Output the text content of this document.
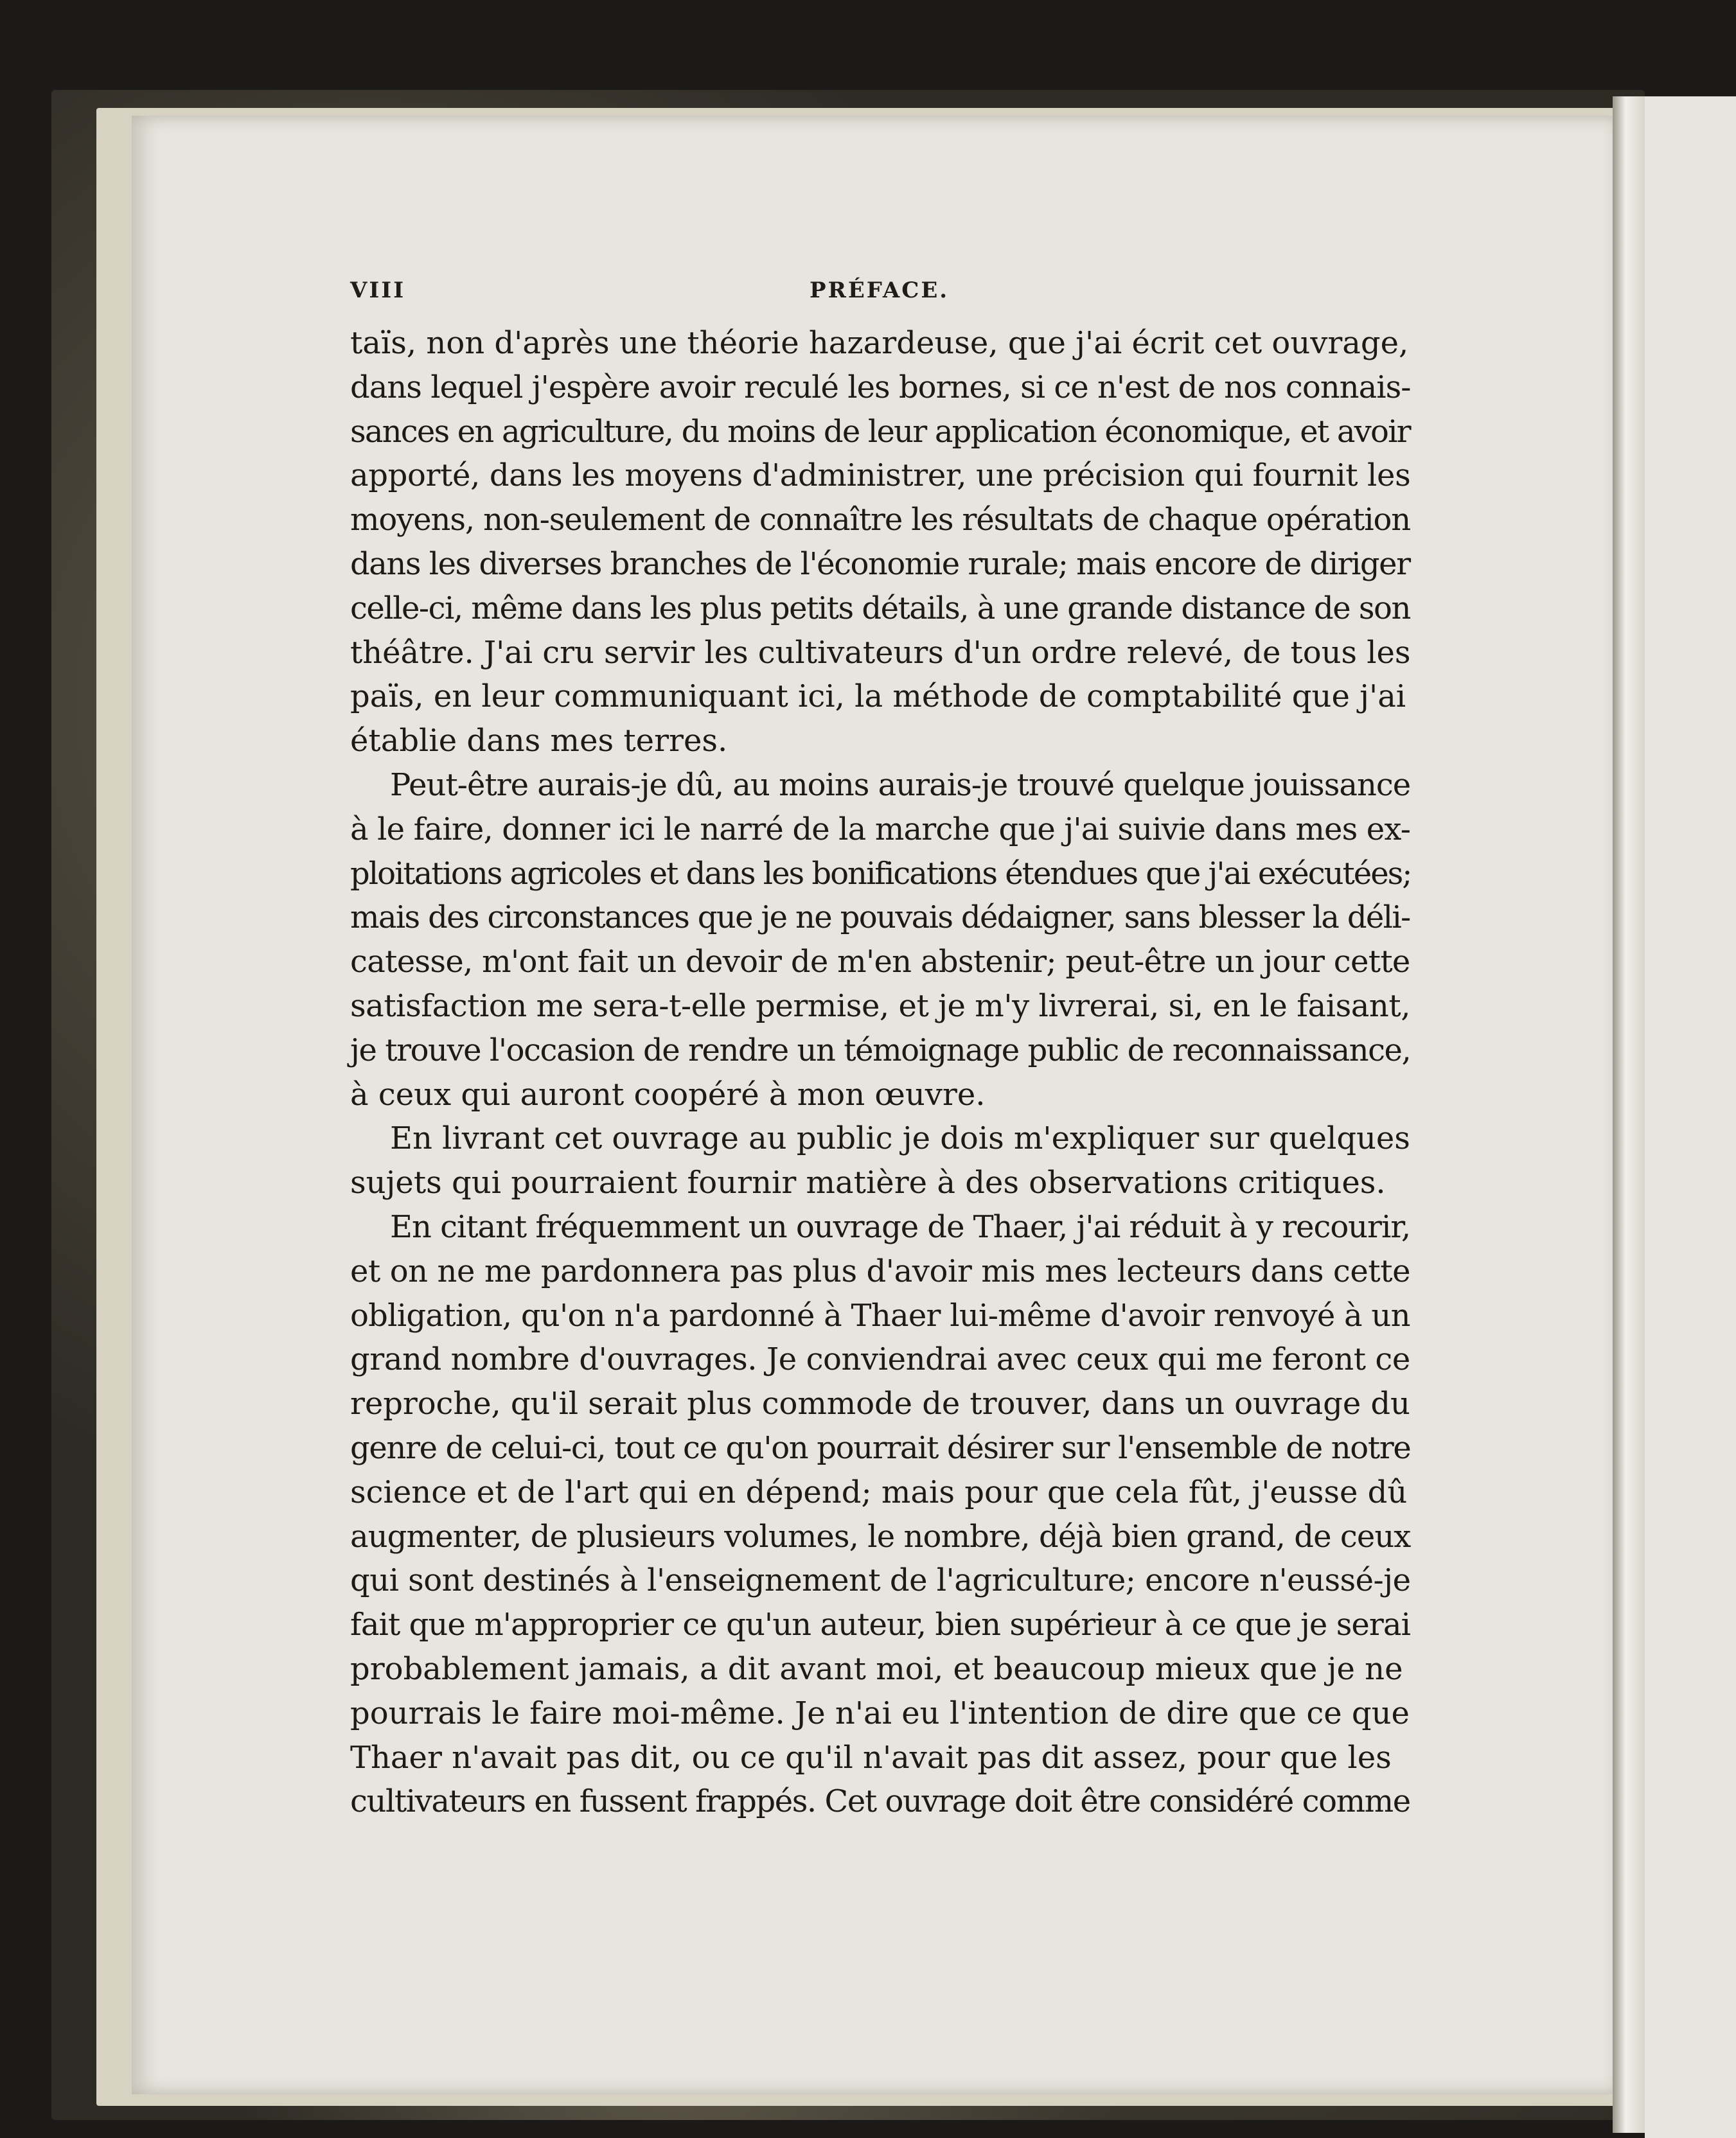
VIII	PRÉFACE.
taïs, non d'après une théorie hazardeuse, que j'ai écrit cet ouvrage,
dans lequel j'espère avoir reculé les bornes, si ce n'est de nos connais-
sances en agriculture, du moins de leur application économique, et avoir
apporté, dans les moyens d'administrer, une précision qui fournit les
moyens, non-seulement de connaître les résultats de chaque opération
dans les diverses branches de l'économie rurale; mais encore de diriger
celle-ci, même dans les plus petits détails, à une grande distance de son
théâtre. J'ai cru servir les cultivateurs d'un ordre relevé, de tous les
païs, en leur communiquant ici, la méthode de comptabilité que j'ai
établie dans mes terres.
Peut-être aurais-je dû, au moins aurais-je trouvé quelque jouissance
à le faire, donner ici le narré de la marche que j'ai suivie dans mes ex-
ploitations agricoles et dans les bonifications étendues que j'ai exécutées;
mais des circonstances que je ne pouvais dédaigner, sans blesser la déli-
catesse, m'ont fait un devoir de m'en abstenir; peut-être un jour cette
satisfaction me sera-t-elle permise, et je m'y livrerai, si, en le faisant,
je trouve l'occasion de rendre un témoignage public de reconnaissance,
à ceux qui auront coopéré à mon œuvre.
En livrant cet ouvrage au public je dois m'expliquer sur quelques
sujets qui pourraient fournir matière à des observations critiques.
En citant fréquemment un ouvrage de Thaer, j'ai réduit à y recourir,
et on ne me pardonnera pas plus d'avoir mis mes lecteurs dans cette
obligation, qu'on n'a pardonné à Thaer lui-même d'avoir renvoyé à un
grand nombre d'ouvrages. Je conviendrai avec ceux qui me feront ce
reproche, qu'il serait plus commode de trouver, dans un ouvrage du
genre de celui-ci, tout ce qu'on pourrait désirer sur l'ensemble de notre
science et de l'art qui en dépend; mais pour que cela fût, j'eusse dû
augmenter, de plusieurs volumes, le nombre, déjà bien grand, de ceux
qui sont destinés à l'enseignement de l'agriculture; encore n'eussé-je
fait que m'approprier ce qu'un auteur, bien supérieur à ce que je serai
probablement jamais, a dit avant moi, et beaucoup mieux que je ne
pourrais le faire moi-même. Je n'ai eu l'intention de dire que ce que
Thaer n'avait pas dit, ou ce qu'il n'avait pas dit assez, pour que les
cultivateurs en fussent frappés. Cet ouvrage doit être considéré comme
